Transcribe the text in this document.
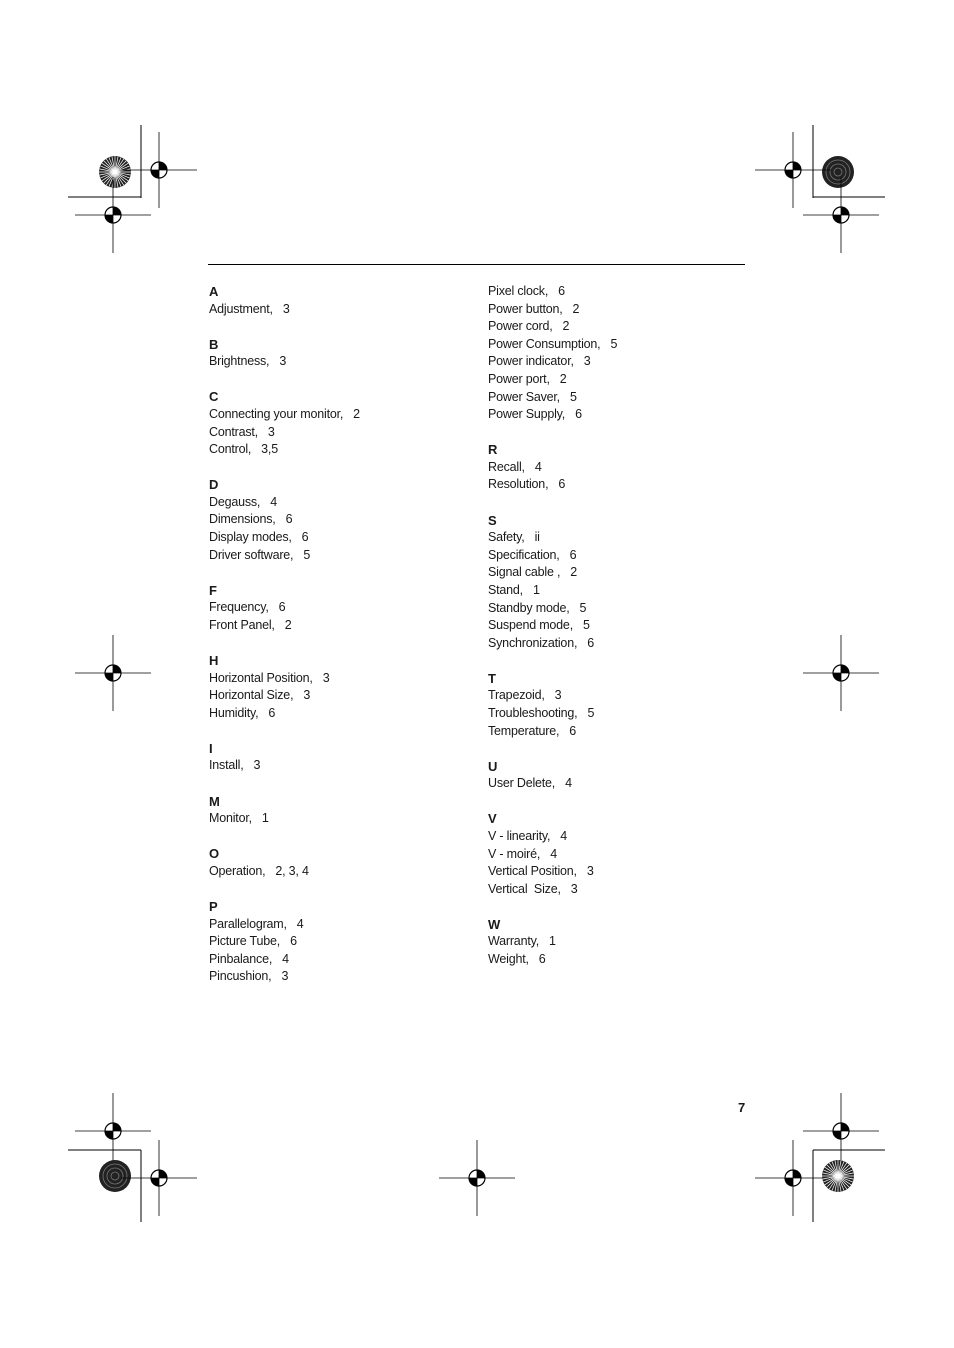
A
Adjustment, 3
B
Brightness, 3
C
Connecting your monitor, 2
Contrast, 3
Control, 3,5
D
Degauss, 4
Dimensions, 6
Display modes, 6
Driver software, 5
F
Frequency, 6
Front Panel, 2
H
Horizontal Position, 3
Horizontal Size, 3
Humidity, 6
I
Install, 3
M
Monitor, 1
O
Operation, 2, 3, 4
P
Parallelogram, 4
Picture Tube, 6
Pinbalance, 4
Pincushion, 3
Pixel clock, 6
Power button, 2
Power cord, 2
Power Consumption, 5
Power indicator, 3
Power port, 2
Power Saver, 5
Power Supply, 6
R
Recall, 4
Resolution, 6
S
Safety, ii
Specification, 6
Signal cable , 2
Stand, 1
Standby mode, 5
Suspend mode, 5
Synchronization, 6
T
Trapezoid, 3
Troubleshooting, 5
Temperature, 6
U
User Delete, 4
V
V - linearity, 4
V - moiré, 4
Vertical Position, 3
Vertical  Size, 3
W
Warranty, 1
Weight, 6
7
